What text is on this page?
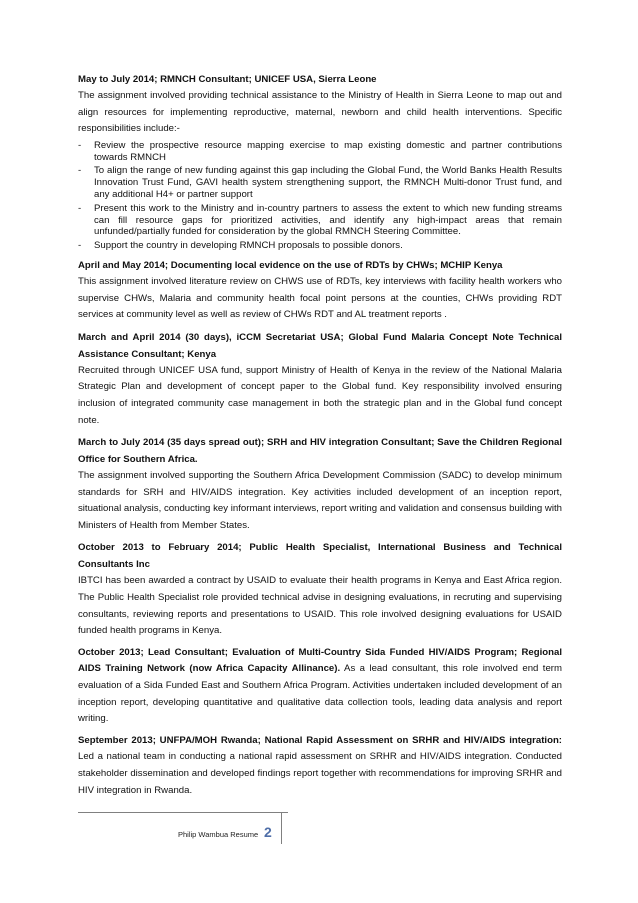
May to July 2014; RMNCH Consultant; UNICEF USA, Sierra Leone
The assignment involved providing technical assistance to the Ministry of Health in Sierra Leone to map out and align resources for implementing reproductive, maternal, newborn and child health interventions. Specific responsibilities include:-
- Review the prospective resource mapping exercise to map existing domestic and partner contributions towards RMNCH
- To align the range of new funding against this gap including the Global Fund, the World Banks Health Results Innovation Trust Fund, GAVI health system strengthening support, the RMNCH Multi-donor Trust fund, and any additional H4+ or partner support
- Present this work to the Ministry and in-country partners to assess the extent to which new funding streams can fill resource gaps for prioritized activities, and identify any high-impact areas that remain unfunded/partially funded for consideration by the global RMNCH Steering Committee.
- Support the country in developing RMNCH proposals to possible donors.
April and May 2014; Documenting local evidence on the use of RDTs by CHWs; MCHIP Kenya
This assignment involved literature review on CHWS use of RDTs, key interviews with facility health workers who supervise CHWs, Malaria and community health focal point persons at the counties, CHWs providing RDT services at community level as well as review of CHWs RDT and AL treatment reports .
March and April 2014 (30 days), iCCM Secretariat USA; Global Fund Malaria Concept Note Technical Assistance Consultant; Kenya
Recruited through UNICEF USA fund, support Ministry of Health of Kenya in the review of the National Malaria Strategic Plan and development of concept paper to the Global fund. Key responsibility involved ensuring inclusion of integrated community case management in both the strategic plan and in the Global fund concept note.
March to July 2014 (35 days spread out); SRH and HIV integration Consultant; Save the Children Regional Office for Southern Africa.
The assignment involved supporting the Southern Africa Development Commission (SADC) to develop minimum standards for SRH and HIV/AIDS integration. Key activities included development of an inception report, situational analysis, conducting key informant interviews, report writing and validation and consensus building with Ministers of Health from Member States.
October 2013 to February 2014; Public Health Specialist, International Business and Technical Consultants Inc
IBTCI has been awarded a contract by USAID to evaluate their health programs in Kenya and East Africa region. The Public Health Specialist role provided technical advise in designing evaluations, in recruting and supervising consultants, reviewing reports and presentations to USAID. This role involved designing evaluations for USAID funded health programs in Kenya.
October 2013; Lead Consultant; Evaluation of Multi-Country Sida Funded HIV/AIDS Program; Regional AIDS Training Network (now Africa Capacity Allinance). As a lead consultant, this role involved end term evaluation of a Sida Funded East and Southern Africa Program. Activities undertaken included development of an inception report, developing quantitative and qualitative data collection tools, leading data analysis and report writing.
September 2013; UNFPA/MOH Rwanda; National Rapid Assessment on SRHR and HIV/AIDS integration: Led a national team in conducting a national rapid assessment on SRHR and HIV/AIDS integration. Conducted stakeholder dissemination and developed findings report together with recommendations for improving SRHR and HIV integration in Rwanda.
Philip Wambua Resume 2
